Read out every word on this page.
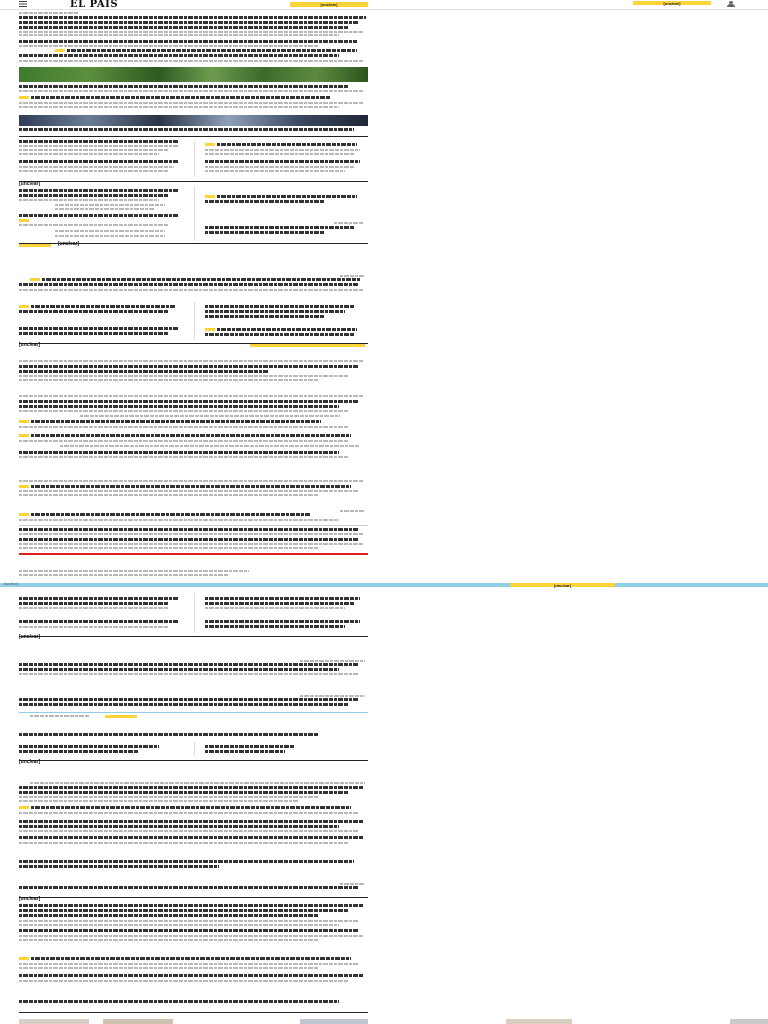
EL PAÍS	[unclear]	[unclear]
[unclear]
[unclear]
[unclear]
[unclear]	[unclear]
[unclear]
[unclear]
[unclear]
